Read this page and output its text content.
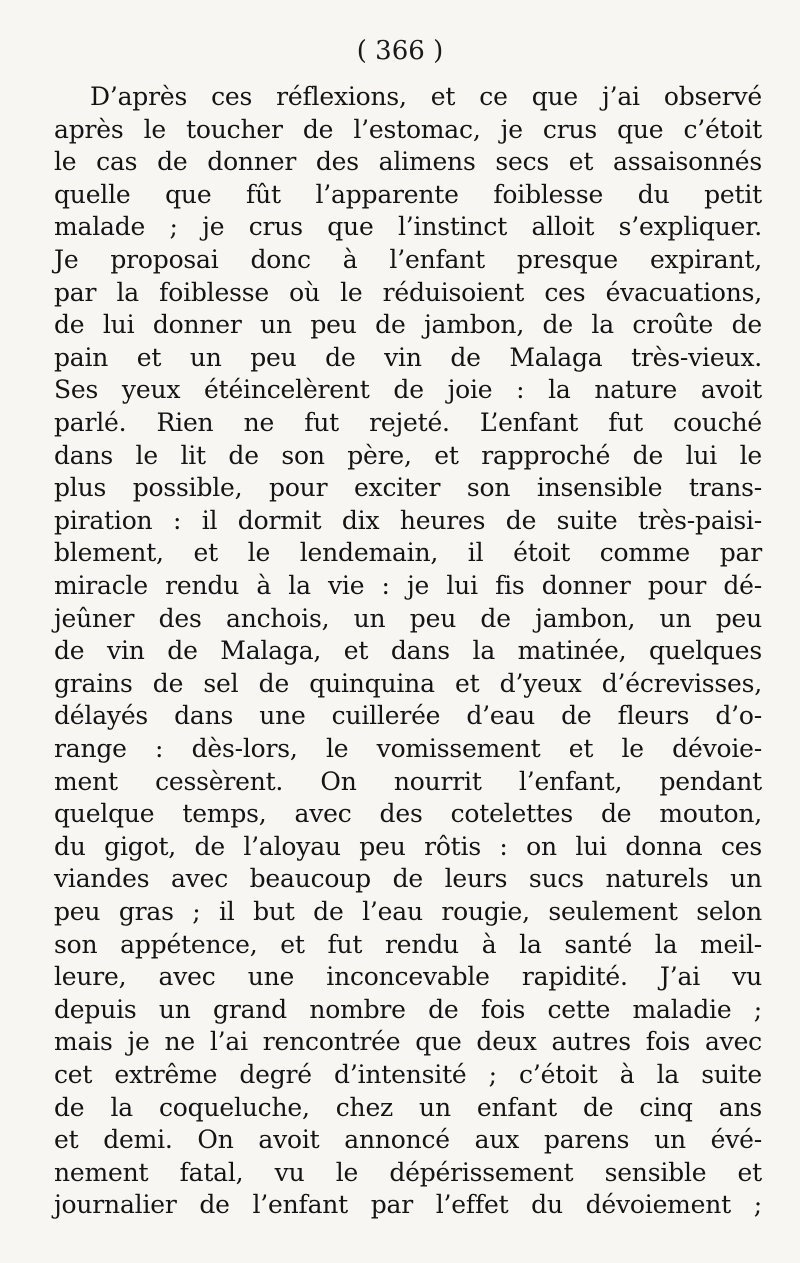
( 366 )
D’après ces réflexions, et ce que j’ai observé
après le toucher de l’estomac, je crus que c’étoit
le cas de donner des alimens secs et assaisonnés
quelle que fût l’apparente foiblesse du petit
malade ; je crus que l’instinct alloit s’expliquer.
Je proposai donc à l’enfant presque expirant,
par la foiblesse où le réduisoient ces évacuations,
de lui donner un peu de jambon, de la croûte de
pain et un peu de vin de Malaga très-vieux.
Ses yeux étéincelèrent de joie : la nature avoit
parlé. Rien ne fut rejeté. L’enfant fut couché
dans le lit de son père, et rapproché de lui le
plus possible, pour exciter son insensible trans-
piration : il dormit dix heures de suite très-paisi-
blement, et le lendemain, il étoit comme par
miracle rendu à la vie : je lui fis donner pour dé-
jeûner des anchois, un peu de jambon, un peu
de vin de Malaga, et dans la matinée, quelques
grains de sel de quinquina et d’yeux d’écrevisses,
délayés dans une cuillerée d’eau de fleurs d’o-
range : dès-lors, le vomissement et le dévoie-
ment cessèrent. On nourrit l’enfant, pendant
quelque temps, avec des cotelettes de mouton,
du gigot, de l’aloyau peu rôtis : on lui donna ces
viandes avec beaucoup de leurs sucs naturels un
peu gras ; il but de l’eau rougie, seulement selon
son appétence, et fut rendu à la santé la meil-
leure, avec une inconcevable rapidité. J’ai vu
depuis un grand nombre de fois cette maladie ;
mais je ne l’ai rencontrée que deux autres fois avec
cet extrême degré d’intensité ; c’étoit à la suite
de la coqueluche, chez un enfant de cinq ans
et demi. On avoit annoncé aux parens un évé-
nement fatal, vu le dépérissement sensible et
journalier de l’enfant par l’effet du dévoiement ;
